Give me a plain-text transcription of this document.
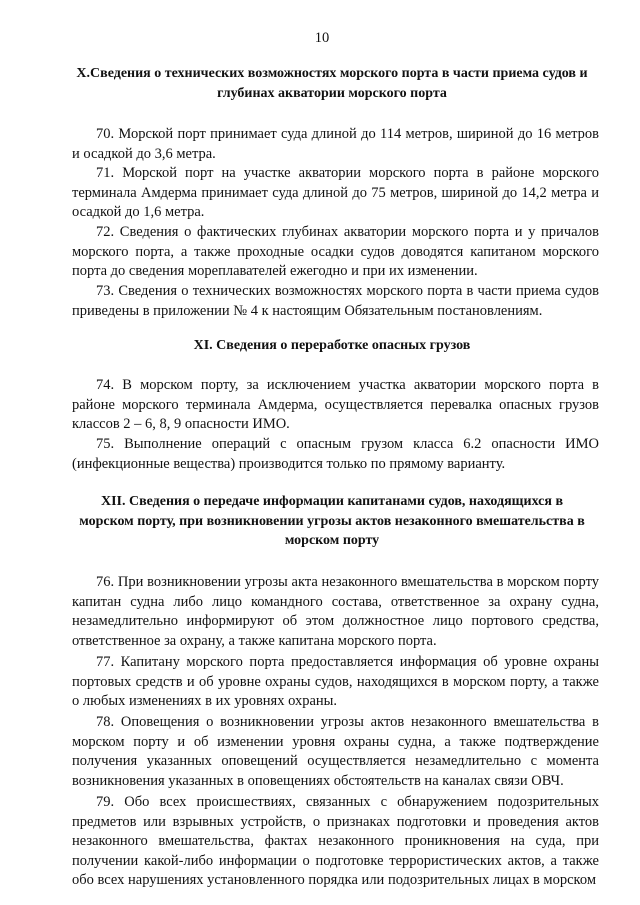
10
X.Сведения о технических возможностях морского порта в части приема судов и глубинах акватории морского порта

70. Морской порт принимает суда длиной до 114 метров, шириной до 16 метров и осадкой до 3,6 метра.

71. Морской порт на участке акватории морского порта в районе морского терминала Амдерма принимает суда длиной до 75 метров, шириной до 14,2 метра и осадкой до 1,6 метра.

72. Сведения о фактических глубинах акватории морского порта и у причалов морского порта, а также проходные осадки судов доводятся капитаном морского порта до сведения мореплавателей ежегодно и при их изменении.

73. Сведения о технических возможностях морского порта в части приема судов приведены в приложении № 4 к настоящим Обязательным постановлениям.

XI. Сведения о переработке опасных грузов

74. В морском порту, за исключением участка акватории морского порта в районе морского терминала Амдерма, осуществляется перевалка опасных грузов классов 2 – 6, 8, 9 опасности ИМО.

75. Выполнение операций с опасным грузом класса 6.2 опасности ИМО (инфекционные вещества) производится только по прямому варианту.

XII. Сведения о передаче информации капитанами судов, находящихся в морском порту, при возникновении угрозы актов незаконного вмешательства в морском порту

76. При возникновении угрозы акта незаконного вмешательства в морском порту капитан судна либо лицо командного состава, ответственное за охрану судна, незамедлительно информируют об этом должностное лицо портового средства, ответственное за охрану, а также капитана морского порта.

77. Капитану морского порта предоставляется информация об уровне охраны портовых средств и об уровне охраны судов, находящихся в морском порту, а также о любых изменениях в их уровнях охраны.

78. Оповещения о возникновении угрозы актов незаконного вмешательства в морском порту и об изменении уровня охраны судна, а также подтверждение получения указанных оповещений осуществляется незамедлительно с момента возникновения указанных в оповещениях обстоятельств на каналах связи ОВЧ.

79. Обо всех происшествиях, связанных с обнаружением подозрительных предметов или взрывных устройств, о признаках подготовки и проведения актов незаконного вмешательства, фактах незаконного проникновения на суда, при получении какой-либо информации о подготовке террористических актов, а также обо всех нарушениях установленного порядка или подозрительных лицах в морском
